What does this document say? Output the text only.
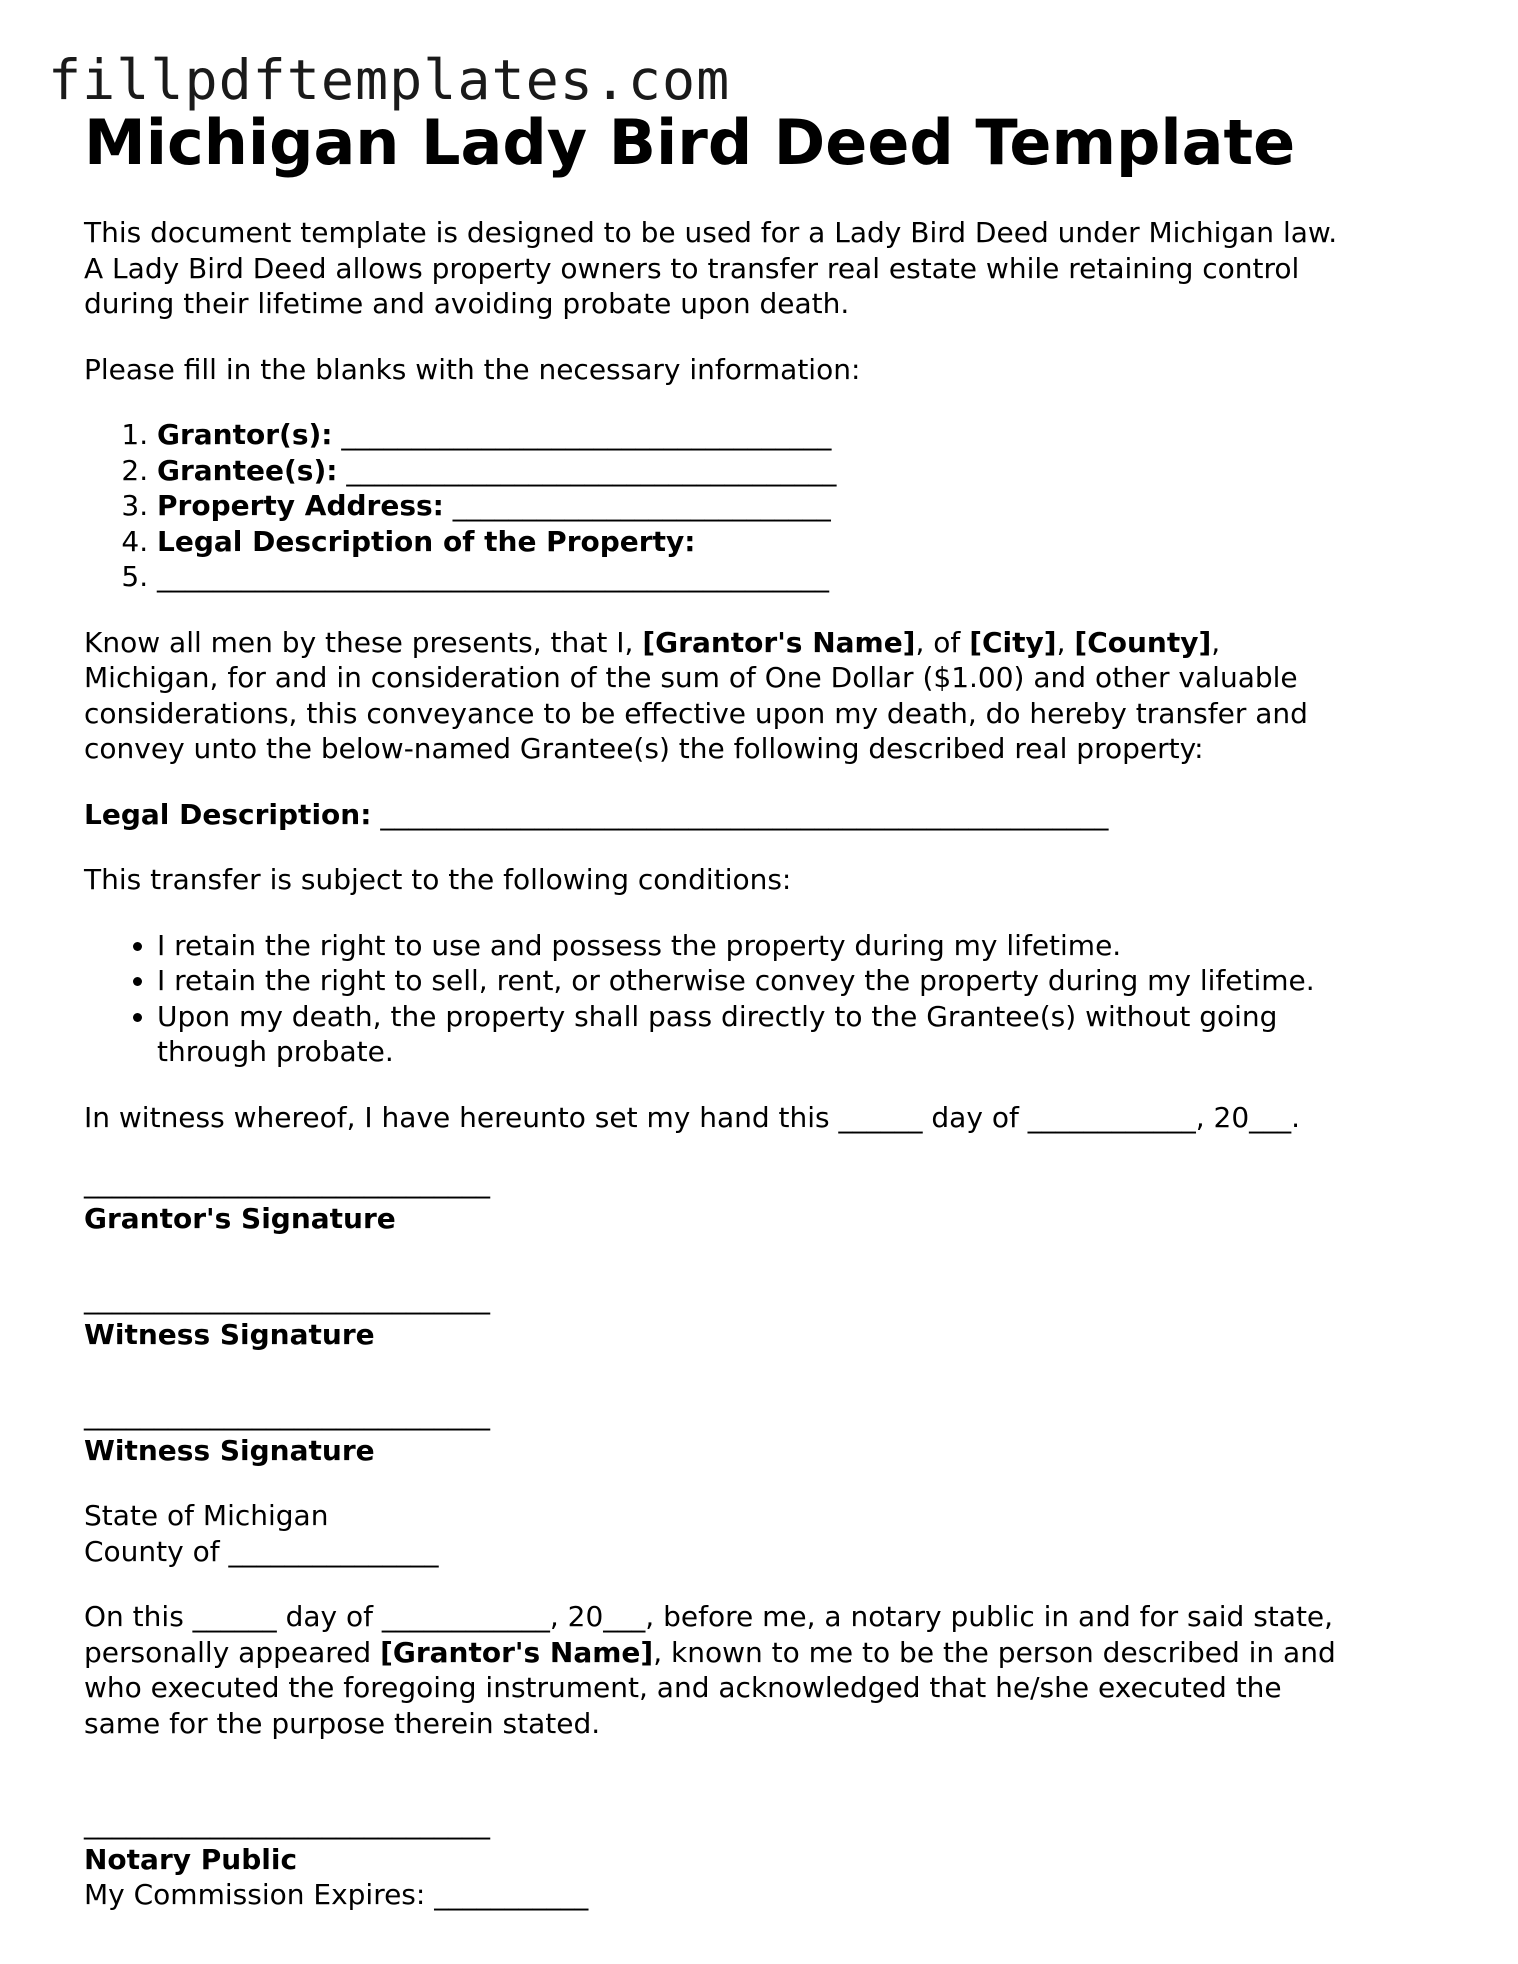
fillpdftemplates.com
Michigan Lady Bird Deed Template

This document template is designed to be used for a Lady Bird Deed under Michigan law.

A Lady Bird Deed allows property owners to transfer real estate while retaining control

during their lifetime and avoiding probate upon death.

Please fill in the blanks with the necessary information:

1. Grantor(s): ___________________________________
2. Grantee(s): ___________________________________
3. Property Address: ___________________________
4. Legal Description of the Property:
5. ________________________________________________

Know all men by these presents, that I, [Grantor's Name], of [City], [County],

Michigan, for and in consideration of the sum of One Dollar ($1.00) and other valuable

considerations, this conveyance to be effective upon my death, do hereby transfer and

convey unto the below-named Grantee(s) the following described real property:

Legal Description: ____________________________________________________

This transfer is subject to the following conditions:

• I retain the right to use and possess the property during my lifetime.
• I retain the right to sell, rent, or otherwise convey the property during my lifetime.
• Upon my death, the property shall pass directly to the Grantee(s) without going
through probate.

In witness whereof, I have hereunto set my hand this ______ day of ____________, 20___.

_____________________________

Grantor's Signature

_____________________________

Witness Signature

_____________________________

Witness Signature

State of Michigan

County of _______________

On this ______ day of ____________, 20___, before me, a notary public in and for said state,

personally appeared [Grantor's Name], known to me to be the person described in and

who executed the foregoing instrument, and acknowledged that he/she executed the

same for the purpose therein stated.

_____________________________

Notary Public

My Commission Expires: ___________
